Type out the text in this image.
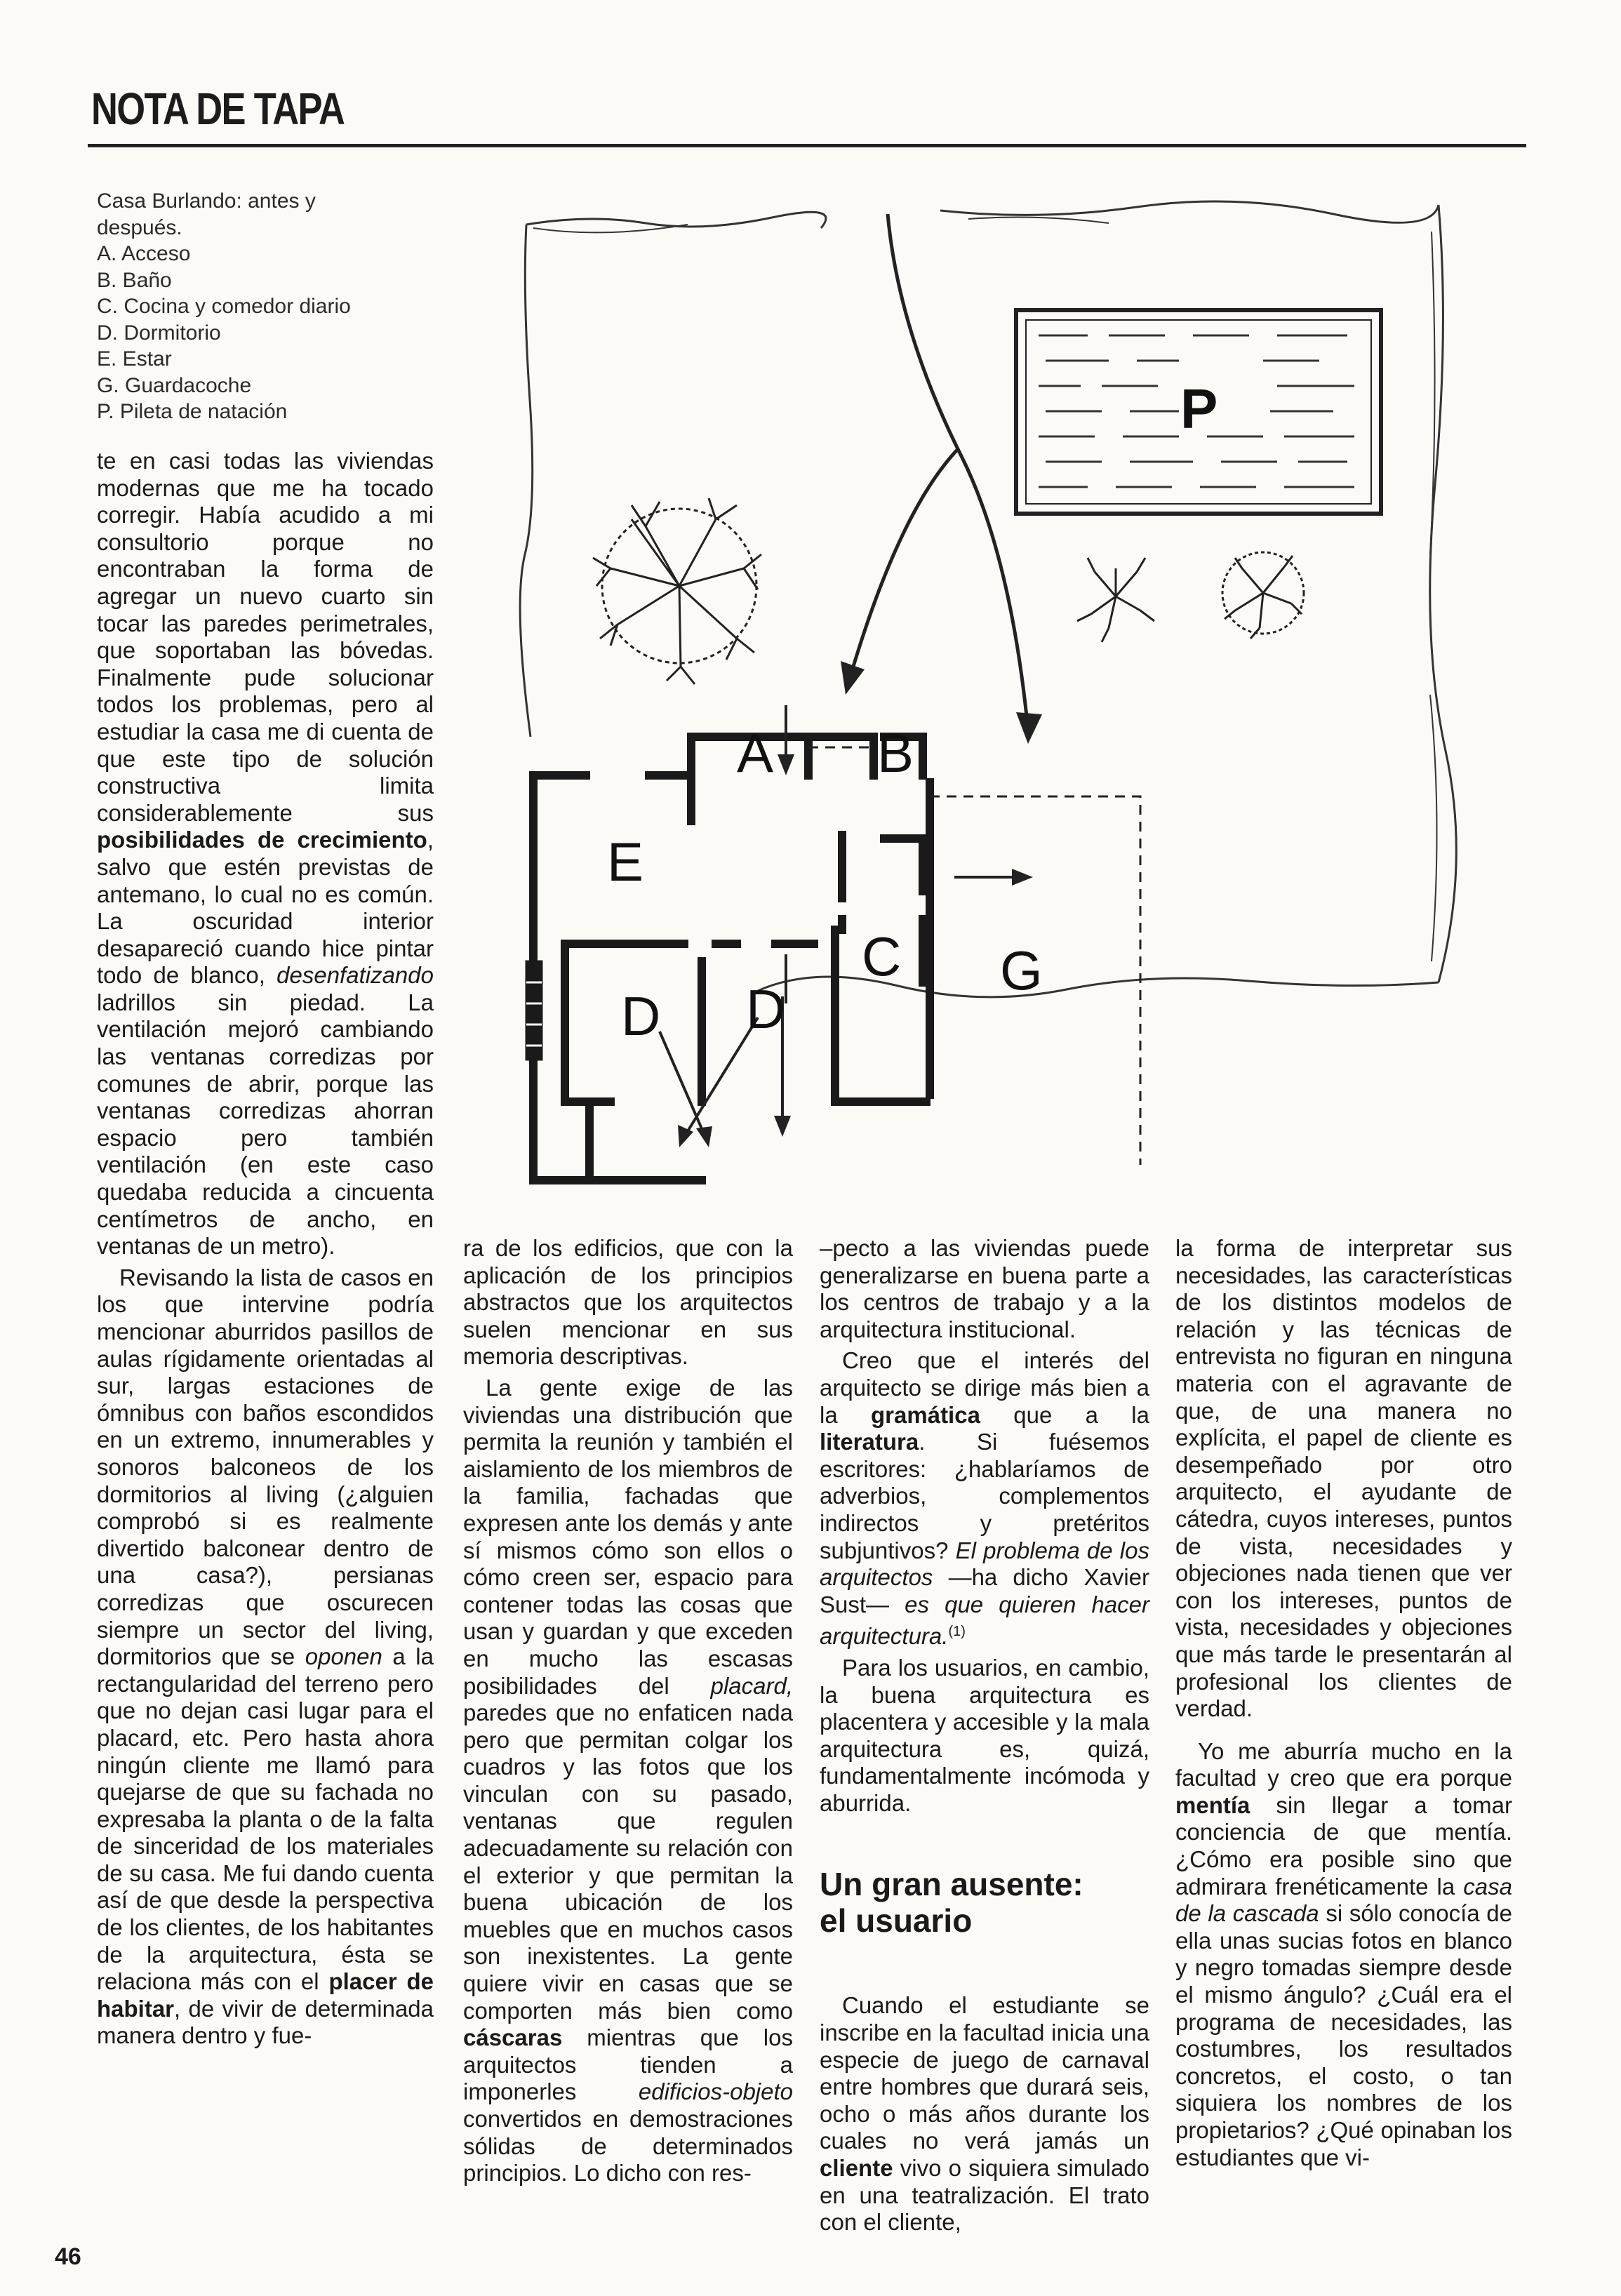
NOTA DE TAPA

Casa Burlando: antes y

después.

A. Acceso

B. Baño

C. Cocina y comedor diario

D. Dormitorio

E. Estar

G. Guardacoche

P. Pileta de natación	P
A B
E
C G
D D

te en casi todas las viviendas modernas que me ha tocado corregir. Había acudido a mi consultorio porque no encontraban la forma de agregar un nuevo cuarto sin tocar las paredes perimetrales, que soportaban las bóvedas. Finalmente pude solucionar todos los problemas, pero al estudiar la casa me di cuenta de que este tipo de solución constructiva limita considerablemente sus posibilidades de crecimiento, salvo que estén previstas de antemano, lo cual no es común. La oscuridad interior desapareció cuando hice pintar todo de blanco, desenfatizando ladrillos sin piedad. La ventilación mejoró cambiando las ventanas corredizas por comunes de abrir, porque las ventanas corredizas ahorran espacio pero también ventilación (en este caso quedaba reducida a cincuenta centímetros de ancho, en ventanas de un metro).

Revisando la lista de casos en los que intervine podría mencionar aburridos pasillos de aulas rígidamente orientadas al sur, largas estaciones de ómnibus con baños escondidos en un extremo, innumerables y sonoros balconeos de los dormitorios al living (¿alguien comprobó si es realmente divertido balconear dentro de una casa?), persianas corredizas que oscurecen siempre un sector del living, dormitorios que se oponen a la rectangularidad del terreno pero que no dejan casi lugar para el placard, etc. Pero hasta ahora ningún cliente me llamó para quejarse de que su fachada no expresaba la planta o de la falta de sinceridad de los materiales de su casa. Me fui dando cuenta así de que desde la perspectiva de los clientes, de los habitantes de la arquitectura, ésta se relaciona más con el placer de habitar, de vivir de determinada manera dentro y fue-

ra de los edificios, que con la aplicación de los principios abstractos que los arquitectos suelen mencionar en sus memoria descriptivas.

La gente exige de las viviendas una distribución que permita la reunión y también el aislamiento de los miembros de la familia, fachadas que expresen ante los demás y ante sí mismos cómo son ellos o cómo creen ser, espacio para contener todas las cosas que usan y guardan y que exceden en mucho las escasas posibilidades del placard, paredes que no enfaticen nada pero que permitan colgar los cuadros y las fotos que los vinculan con su pasado, ventanas que regulen adecuadamente su relación con el exterior y que permitan la buena ubicación de los muebles que en muchos casos son inexistentes. La gente quiere vivir en casas que se comporten más bien como cáscaras mientras que los arquitectos tienden a imponerles edificios-objeto convertidos en demostraciones sólidas de determinados principios. Lo dicho con res-

–pecto a las viviendas puede generalizarse en buena parte a los centros de trabajo y a la arquitectura institucional.

Creo que el interés del arquitecto se dirige más bien a la gramática que a la literatura. Si fuésemos escritores: ¿hablaríamos de adverbios, complementos indirectos y pretéritos subjuntivos? El problema de los arquitectos —ha dicho Xavier Sust— es que quieren hacer arquitectura.$^{(1)}$

Para los usuarios, en cambio, la buena arquitectura es placentera y accesible y la mala arquitectura es, quizá, fundamentalmente incómoda y aburrida.

Un gran ausente:

el usuario

Cuando el estudiante se inscribe en la facultad inicia una especie de juego de carnaval entre hombres que durará seis, ocho o más años durante los cuales no verá jamás un cliente vivo o siquiera simulado en una teatralización. El trato con el cliente,

la forma de interpretar sus necesidades, las características de los distintos modelos de relación y las técnicas de entrevista no figuran en ninguna materia con el agravante de que, de una manera no explícita, el papel de cliente es desempeñado por otro arquitecto, el ayudante de cátedra, cuyos intereses, puntos de vista, necesidades y objeciones nada tienen que ver con los intereses, puntos de vista, necesidades y objeciones que más tarde le presentarán al profesional los clientes de verdad.

Yo me aburría mucho en la facultad y creo que era porque mentía sin llegar a tomar conciencia de que mentía. ¿Cómo era posible sino que admirara frenéticamente la casa de la cascada si sólo conocía de ella unas sucias fotos en blanco y negro tomadas siempre desde el mismo ángulo? ¿Cuál era el programa de necesidades, las costumbres, los resultados concretos, el costo, o tan siquiera los nombres de los propietarios? ¿Qué opinaban los estudiantes que vi-

46
